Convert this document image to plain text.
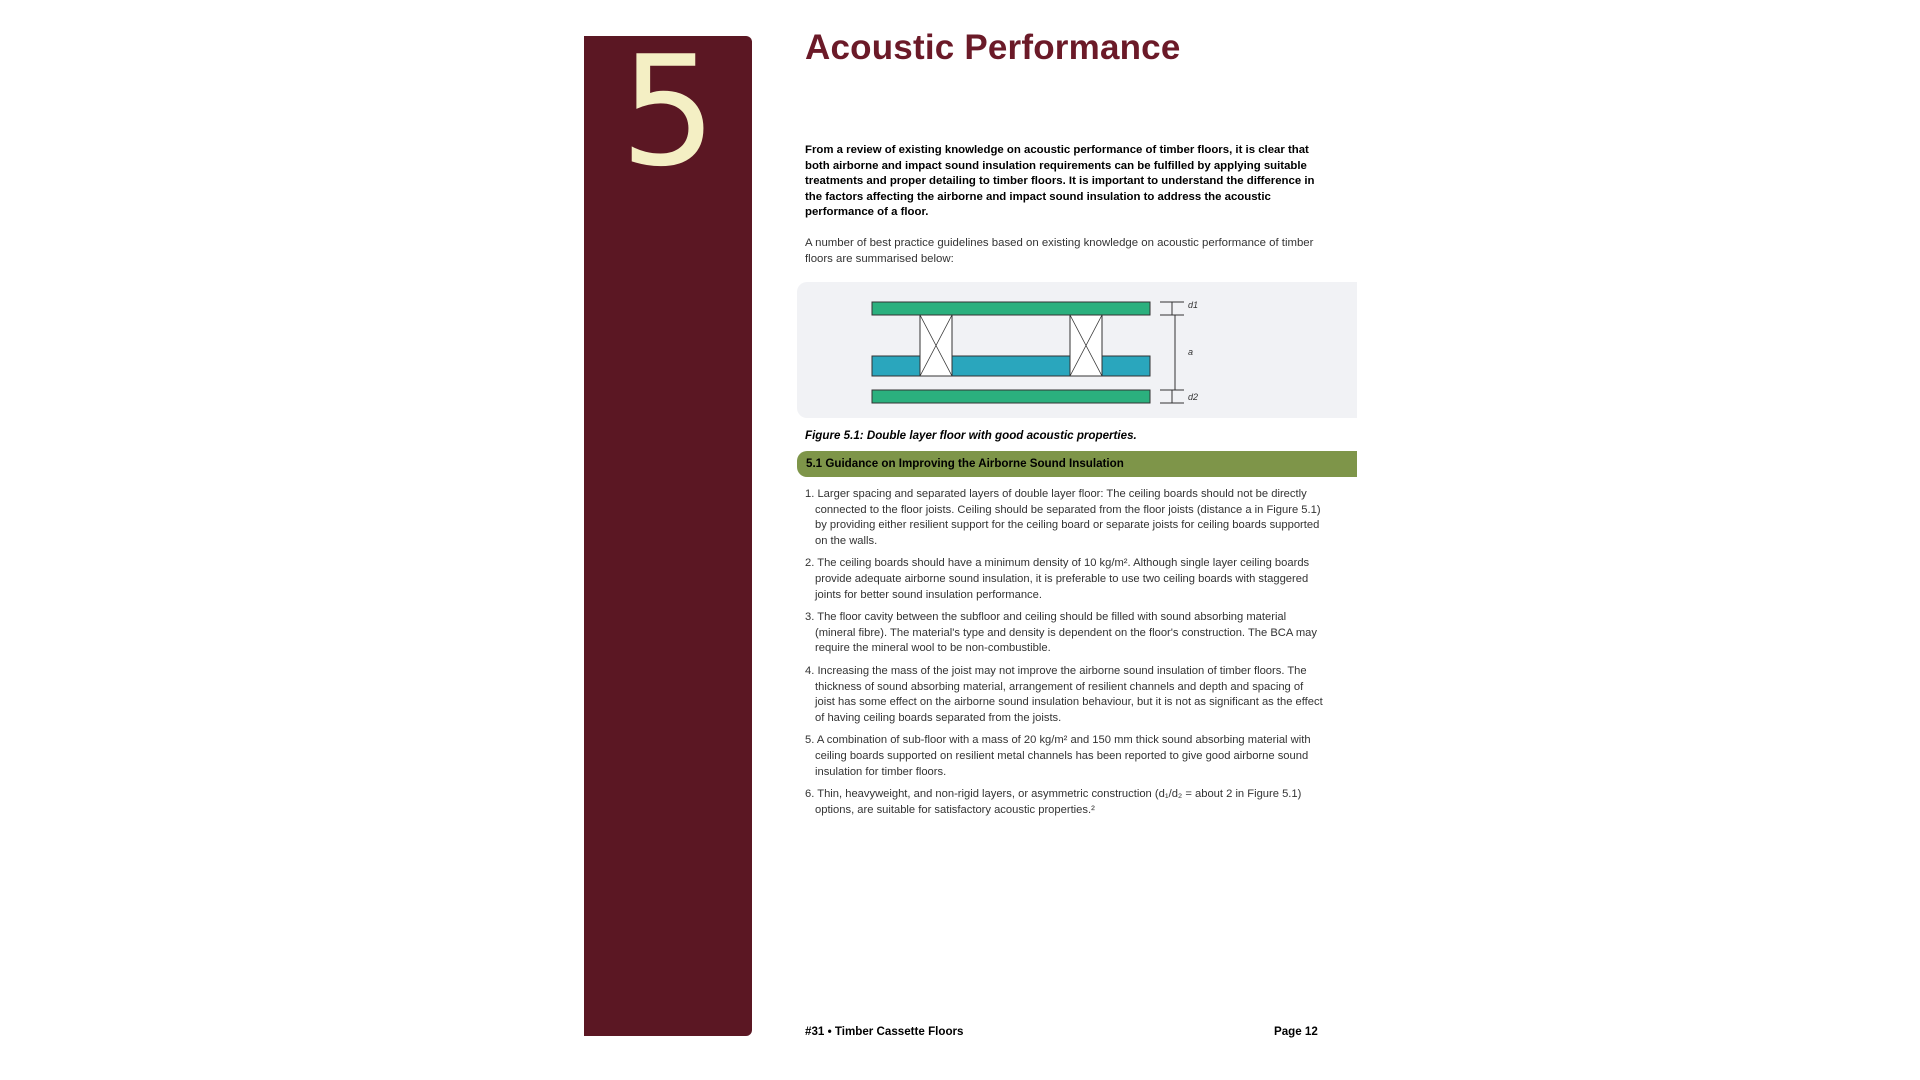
5	Acoustic Performance
From a review of existing knowledge on acoustic performance of timber floors, it is clear that both airborne and impact sound insulation requirements can be fulfilled by applying suitable treatments and proper detailing to timber floors. It is important to understand the difference in the factors affecting the airborne and impact sound insulation to address the acoustic performance of a floor.
A number of best practice guidelines based on existing knowledge on acoustic performance of timber floors are summarised below:
d1
a
d2
Figure 5.1: Double layer floor with good acoustic properties.
5.1 Guidance on Improving the Airborne Sound Insulation
1. Larger spacing and separated layers of double layer floor: The ceiling boards should not be directly connected to the floor joists. Ceiling should be separated from the floor joists (distance a in Figure 5.1) by providing either resilient support for the ceiling board or separate joists for ceiling boards supported on the walls.
2. The ceiling boards should have a minimum density of 10 kg/m². Although single layer ceiling boards provide adequate airborne sound insulation, it is preferable to use two ceiling boards with staggered joints for better sound insulation performance.
3. The floor cavity between the subfloor and ceiling should be filled with sound absorbing material (mineral fibre). The material's type and density is dependent on the floor's construction. The BCA may require the mineral wool to be non-combustible.
4. Increasing the mass of the joist may not improve the airborne sound insulation of timber floors. The thickness of sound absorbing material, arrangement of resilient channels and depth and spacing of joist has some effect on the airborne sound insulation behaviour, but it is not as significant as the effect of having ceiling boards separated from the joists.
5. A combination of sub-floor with a mass of 20 kg/m² and 150 mm thick sound absorbing material with ceiling boards supported on resilient metal channels has been reported to give good airborne sound insulation for timber floors.
6. Thin, heavyweight, and non-rigid layers, or asymmetric construction (d₁/d₂ = about 2 in Figure 5.1) options, are suitable for satisfactory acoustic properties.²
#31 • Timber Cassette Floors	Page 12
